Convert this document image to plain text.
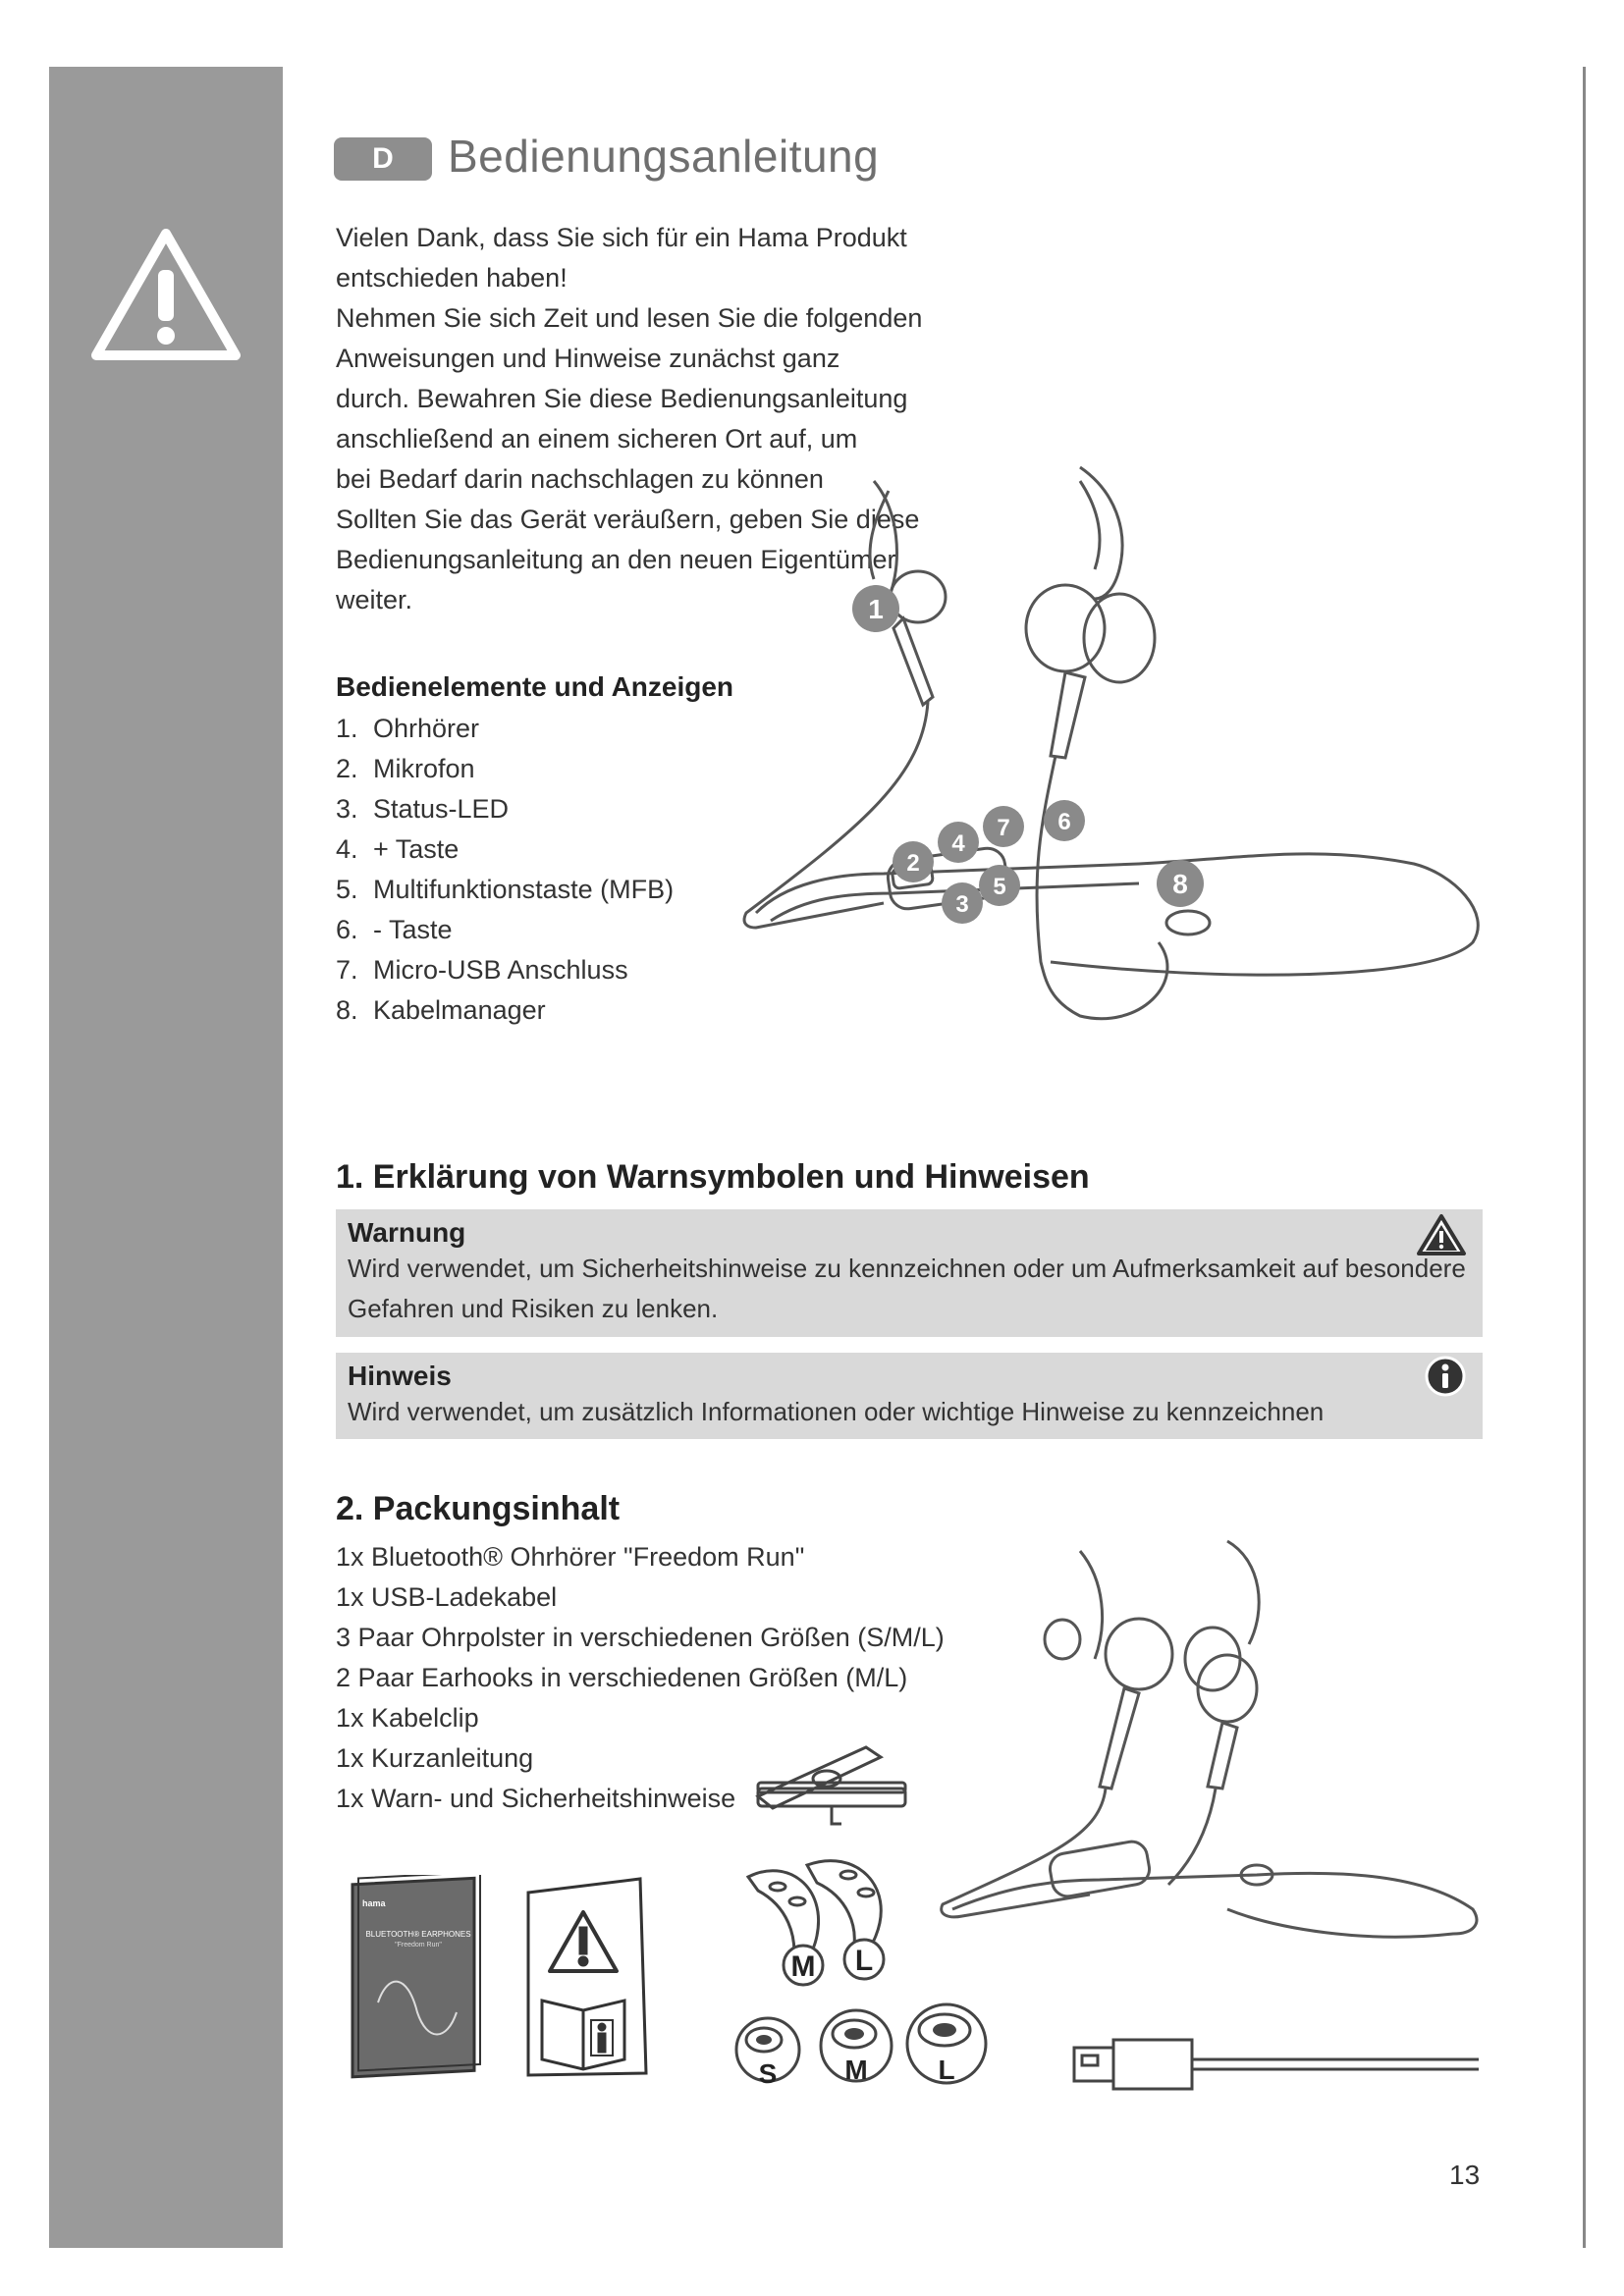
D	Bedienungsanleitung

Vielen Dank, dass Sie sich für ein Hama Produkt

entschieden haben!

Nehmen Sie sich Zeit und lesen Sie die folgenden

Anweisungen und Hinweise zunächst ganz

durch. Bewahren Sie diese Bedienungsanleitung

anschließend an einem sicheren Ort auf, um

bei Bedarf darin nachschlagen zu können

Sollten Sie das Gerät veräußern, geben Sie diese

Bedienungsanleitung an den neuen Eigentümer

weiter.

Bedienelemente und Anzeigen
1. Ohrhörer
2. Mikrofon
3. Status-LED
4. + Taste
5. Multifunktionstaste (MFB)
6. - Taste
7. Micro-USB Anschluss
8. Kabelmanager
1
2
3
4
5
6
7
8
1. Erklärung von Warnsymbolen und Hinweisen
Warnung
Wird verwendet, um Sicherheitshinweise zu kennzeichnen oder um Aufmerksamkeit auf besondere
Gefahren und Risiken zu lenken.
Hinweis
Wird verwendet, um zusätzlich Informationen oder wichtige Hinweise zu kennzeichnen
2. Packungsinhalt
1x Bluetooth® Ohrhörer "Freedom Run"
1x USB-Ladekabel
3 Paar Ohrpolster in verschiedenen Größen (S/M/L)
2 Paar Earhooks in verschiedenen Größen (M/L)
1x Kabelclip
1x Kurzanleitung
1x Warn- und Sicherheitshinweise
hama
BLUETOOTH® EARPHONES
"Freedom Run"
M L
S M	L
13
